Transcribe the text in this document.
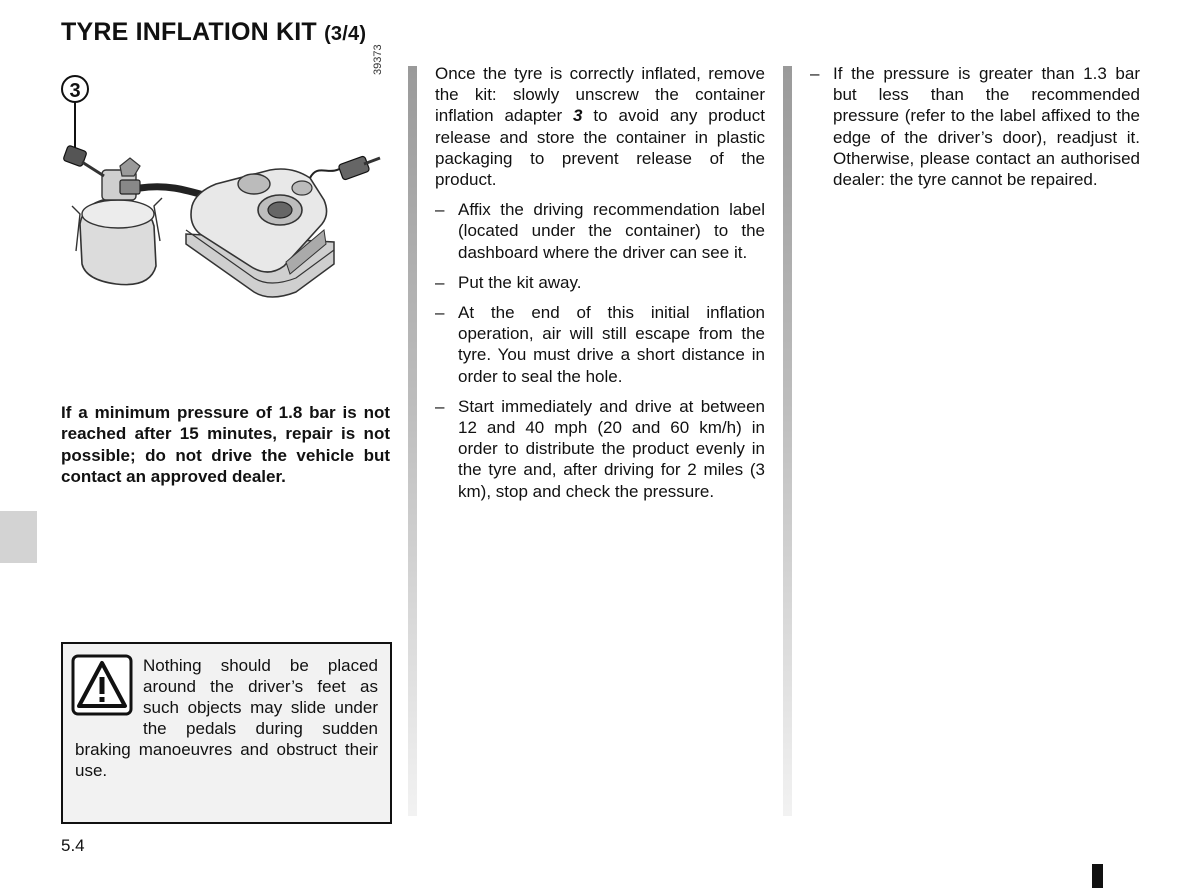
TYRE INFLATION KIT (3/4)
3
39373
If a minimum pressure of 1.8 bar is not reached after 15 minutes, repair is not possible; do not drive the vehicle but contact an approved dealer.
Nothing should be placed around the driver’s feet as such objects may slide under the pedals during sudden braking manoeuvres and obstruct their use.

Once the tyre is correctly inflated, remove the kit: slowly unscrew the container inflation adapter 3 to avoid any product release and store the container in plastic packaging to prevent release of the product.

– Affix the driving recommendation label (located under the container) to the dashboard where the driver can see it.
– Put the kit away.
– At the end of this initial inflation operation, air will still escape from the tyre. You must drive a short distance in order to seal the hole.
– Start immediately and drive at between 12 and 40 mph (20 and 60 km/h) in order to distribute the product evenly in the tyre and, after driving for 2 miles (3 km), stop and check the pressure.
– If the pressure is greater than 1.3 bar but less than the recommended pressure (refer to the label affixed to the edge of the driver’s door), readjust it. Otherwise, please contact an authorised dealer: the tyre cannot be repaired.
5.4
